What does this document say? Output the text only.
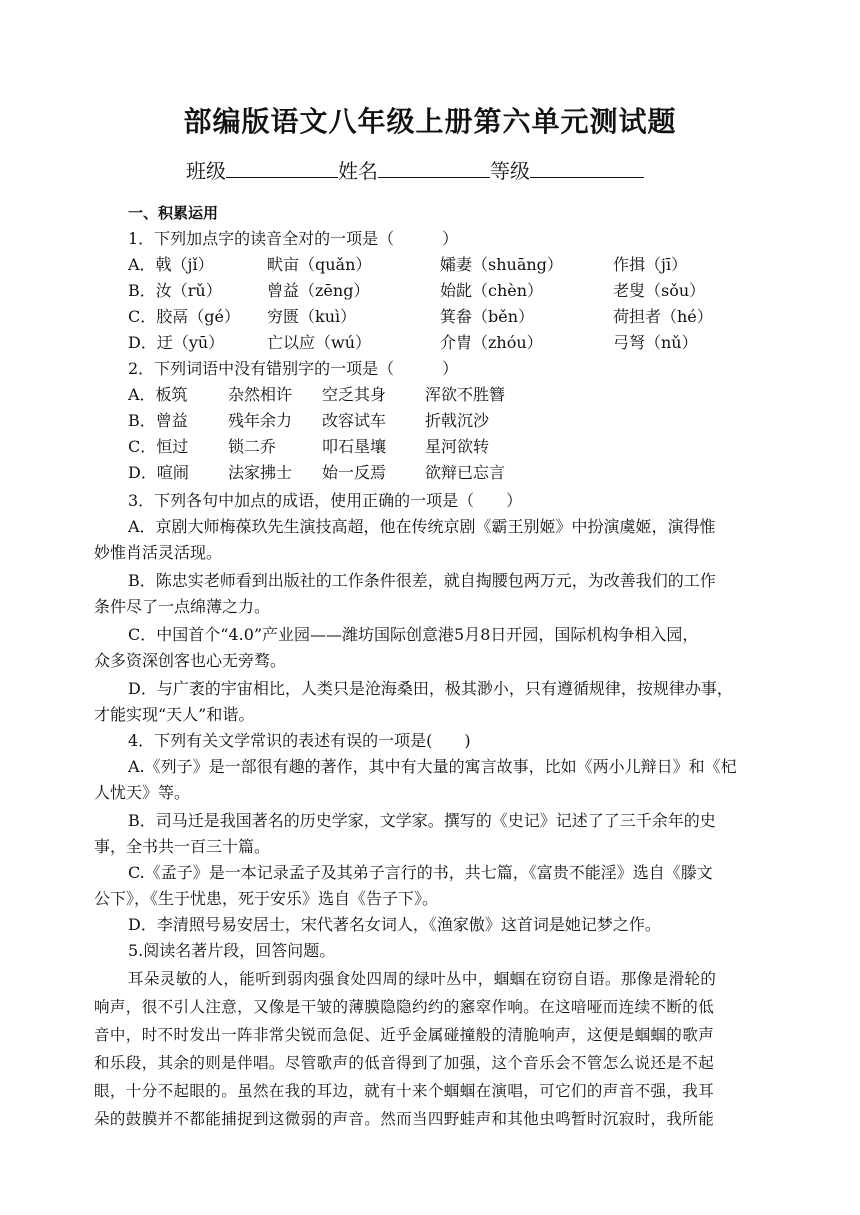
部编版语文八年级上册第六单元测试题
班级	姓名	等级
一、积累运用
1．下列加点字的读音全对的一项是（　　　）
A．戟（jǐ）	畎亩（quǎn）	孀妻（shuāng）	作揖（jī）
B．汝（rǔ）	曾益（zēng）	始龀（chèn）	老叟（sǒu）
C．胶鬲（gé） 穷匮（kuì）	箕畚（běn）	荷担者（hé）
D．迂（yū）	亡以应（wú）	介胄（zhóu）	弓弩（nǔ）
2．下列词语中没有错别字的一项是（　　　）
A．板筑	杂然相许 空乏其身 浑欲不胜簪
B．曾益	残年余力 改容试车 折戟沉沙
C．恒过 锁二乔	叩石垦壤 星河欲转
D．喧闹 法家拂士 始一反焉 欲辩已忘言
3．下列各句中加点的成语，使用正确的一项是（　　）
A．京剧大师梅葆玖先生演技高超，他在传统京剧《霸王别姬》中扮演虞姬，演得惟
妙惟肖活灵活现。
B．陈忠实老师看到出版社的工作条件很差，就自掏腰包两万元，为改善我们的工作
条件尽了一点绵薄之力。
C．中国首个“4.0”产业园——潍坊国际创意港5月8日开园，国际机构争相入园，
众多资深创客也心无旁骛。
D．与广袤的宇宙相比，人类只是沧海桑田，极其渺小，只有遵循规律，按规律办事，
才能实现“天人”和谐。
4．下列有关文学常识的表述有误的一项是(　　)
A.《列子》是一部很有趣的著作，其中有大量的寓言故事，比如《两小儿辩日》和《杞
人忧天》等。
B．司马迁是我国著名的历史学家，文学家。撰写的《史记》记述了了三千余年的史
事，全书共一百三十篇。
C.《孟子》是一本记录孟子及其弟子言行的书，共七篇，《富贵不能淫》选自《滕文
公下》，《生于忧患，死于安乐》选自《告子下》。
D．李清照号易安居士，宋代著名女词人，《渔家傲》这首词是她记梦之作。
5.阅读名著片段，回答问题。
耳朵灵敏的人，能听到弱肉强食处四周的绿叶丛中，蝈蝈在窃窃自语。那像是滑轮的
响声，很不引人注意，又像是干皱的薄膜隐隐约约的窸窣作响。在这喑哑而连续不断的低
音中，时不时发出一阵非常尖锐而急促、近乎金属碰撞般的清脆响声，这便是蝈蝈的歌声
和乐段，其余的则是伴唱。尽管歌声的低音得到了加强，这个音乐会不管怎么说还是不起
眼，十分不起眼的。虽然在我的耳边，就有十来个蝈蝈在演唱，可它们的声音不强，我耳
朵的鼓膜并不都能捕捉到这微弱的声音。然而当四野蛙声和其他虫鸣暂时沉寂时，我所能
